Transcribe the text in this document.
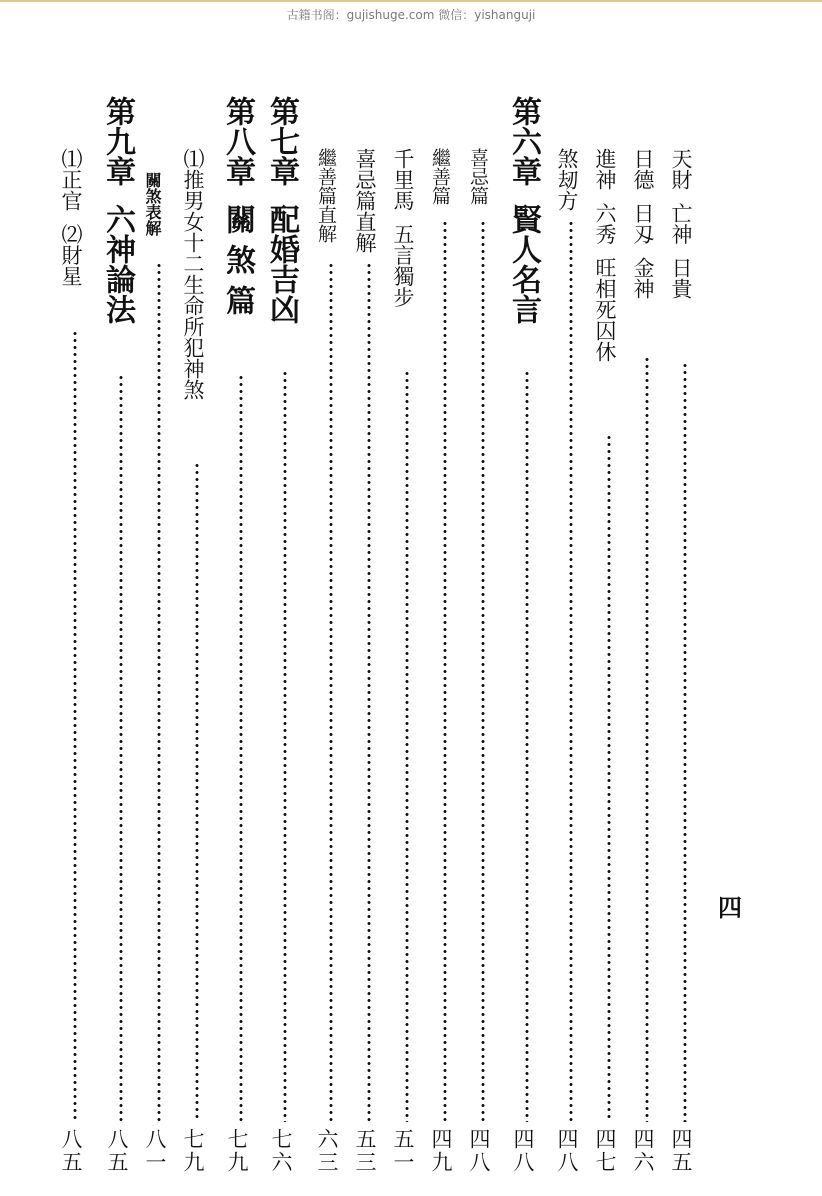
古籍书阁：gujishuge.com 微信：yishanguji
天財亡神日貴
四五
日德日刄金神
四六
進神六秀旺相死囚休
四七
煞刼方
四八
第六章賢人名言
四八
喜忌篇
四八
繼善篇
四九
千里馬五言獨步
五一
喜忌篇直解
五三
繼善篇直解
六三
第七章配婚吉凶
七六
第八章關 煞 篇
七九
⑴推男女十二生命所犯神煞
七九
關煞表解
八一
第九章六神論法
八五
⑴正官⑵財星
八五
四
